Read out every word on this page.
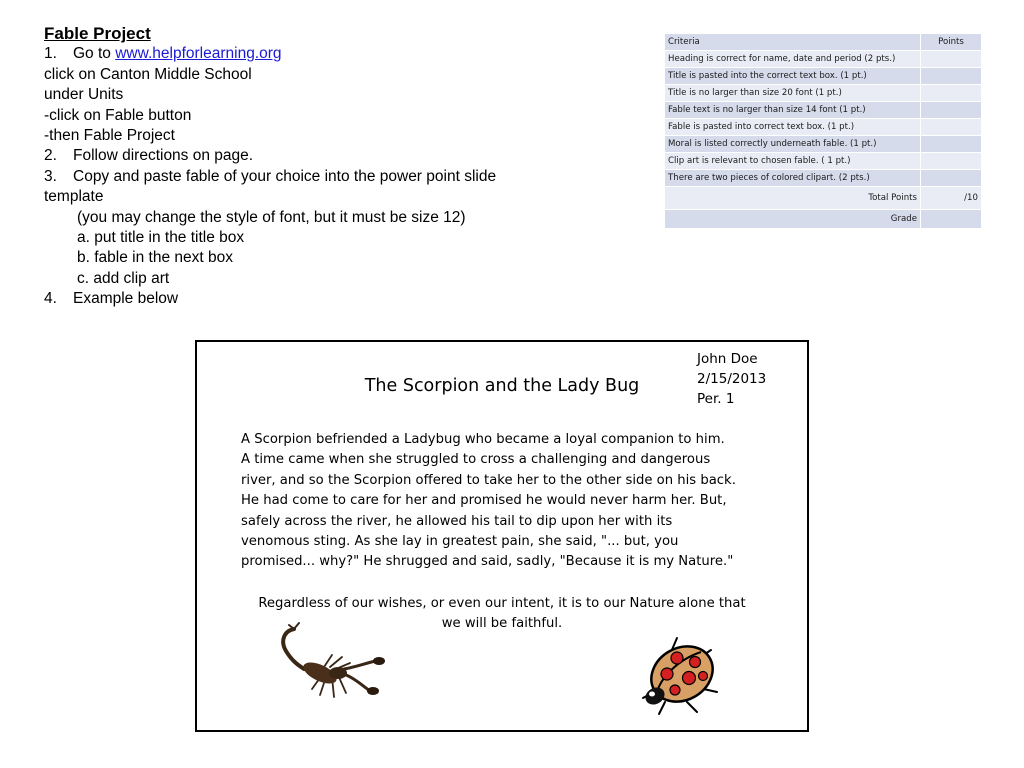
Fable Project
1. Go to www.helpforlearning.org
click on Canton Middle School
under Units
-click on Fable button
-then Fable Project
2. Follow directions on page.
3. Copy and paste fable of your choice into the power point slide
template
(you may change the style of font, but it must be size 12)
a. put title in the title box
b. fable in the next box
c. add clip art
4. Example below
Criteria	Points
Heading is correct for name, date and period (2 pts.)	
Title is pasted into the correct text box. (1 pt.)	
Title is no larger than size 20 font (1 pt.)	
Fable text is no larger than size 14 font (1 pt.)	
Fable is pasted into correct text box. (1 pt.)	
Moral is listed correctly underneath fable. (1 pt.)	
Clip art is relevant to chosen fable. ( 1 pt.)	
There are two pieces of colored clipart. (2 pts.)	
Total Points	/10
Grade	
John Doe
2/15/2013
Per. 1
The Scorpion and the Lady Bug
A Scorpion befriended a Ladybug who became a loyal companion to him.
A time came when she struggled to cross a challenging and dangerous
river, and so the Scorpion offered to take her to the other side on his back.
He had come to care for her and promised he would never harm her. But,
safely across the river, he allowed his tail to dip upon her with its
venomous sting. As she lay in greatest pain, she said, "... but, you
promised... why?" He shrugged and said, sadly, "Because it is my Nature."
Regardless of our wishes, or even our intent, it is to our Nature alone that
we will be faithful.
